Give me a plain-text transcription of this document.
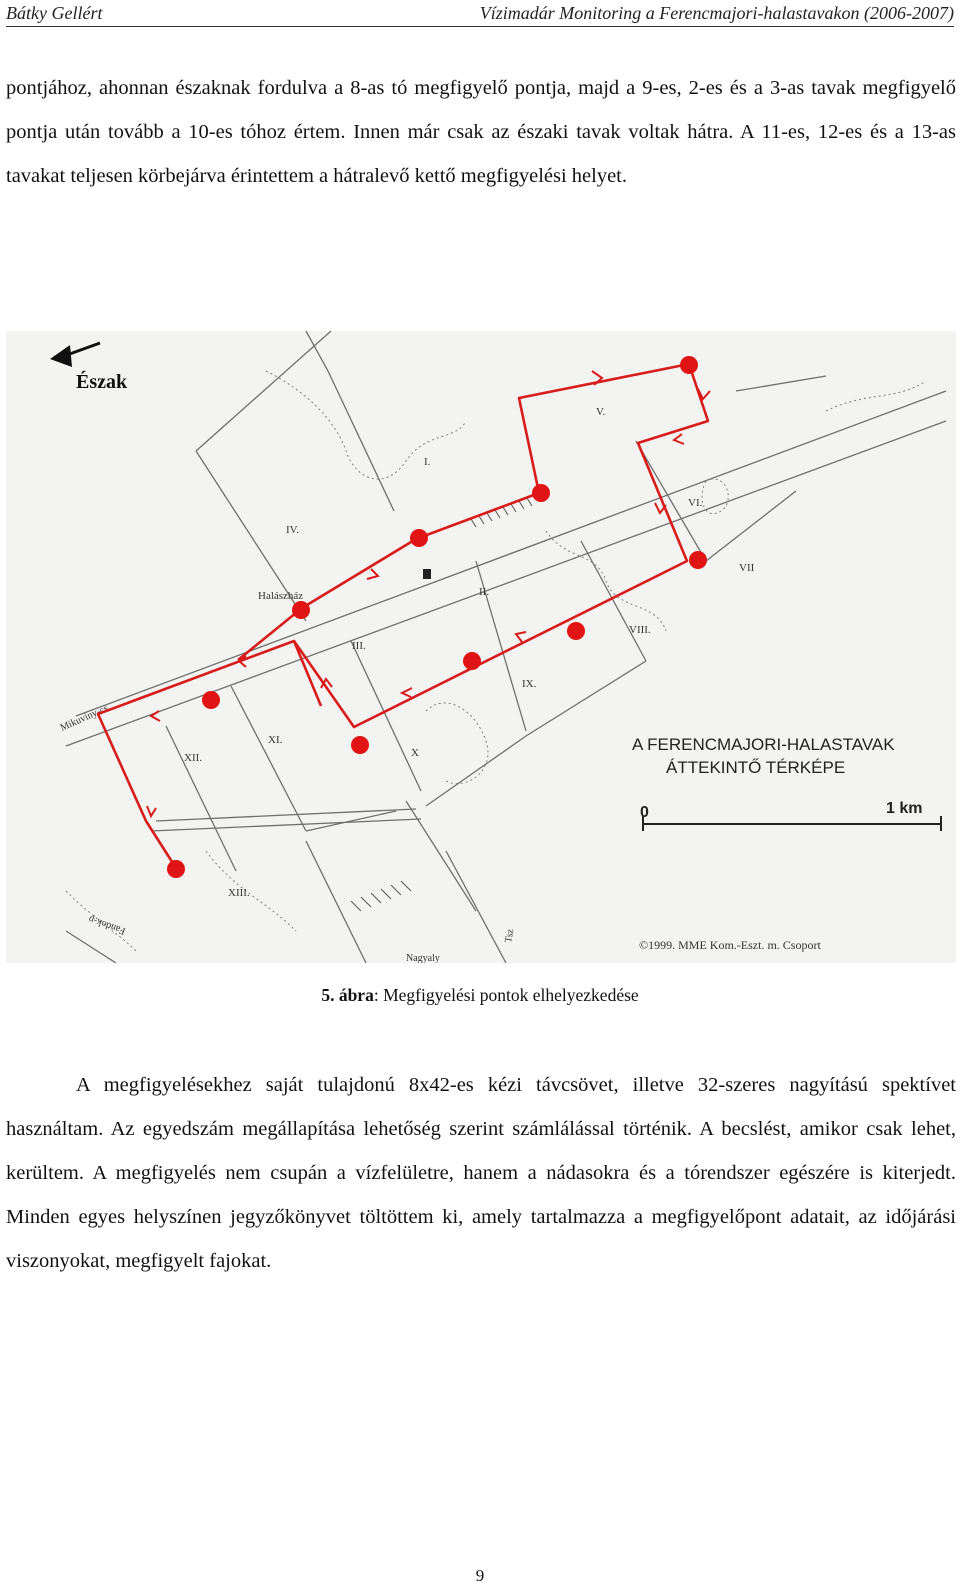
Bátky Gellért	Vízimadár Monitoring a Ferencmajori-halastavakon (2006-2007)

pontjához, ahonnan északnak fordulva a 8-as tó megfigyelő pontja, majd a 9-es, 2-es és a 3-as tavak megfigyelő pontja után tovább a 10-es tóhoz értem. Innen már csak az északi tavak voltak hátra. A 11-es, 12-es és a 13-as tavakat teljesen körbejárva érintettem a hátralevő kettő megfigyelési helyet.

Észak
Halászház
I.
II.
III.
IV.
V.
VI.
VII
VIII.
IX.
X
XI.
XII.
XIII.
Mikuviny-cs.
Fandok-p
Nagyaly
Tsz
A FERENCMAJORI-HALASTAVAK
ÁTTEKINTŐ TÉRKÉPE
0	1 km
©1999. MME Kom.-Eszt. m. Csoport
5. ábra: Megfigyelési pontok elhelyezkedése

A megfigyelésekhez saját tulajdonú 8x42-es kézi távcsövet, illetve 32-szeres nagyítású spektívet használtam. Az egyedszám megállapítása lehetőség szerint számlálással történik. A becslést, amikor csak lehet, kerültem. A megfigyelés nem csupán a vízfelületre, hanem a nádasokra és a tórendszer egészére is kiterjedt. Minden egyes helyszínen jegyzőkönyvet töltöttem ki, amely tartalmazza a megfigyelőpont adatait, az időjárási viszonyokat, megfigyelt fajokat.

9
